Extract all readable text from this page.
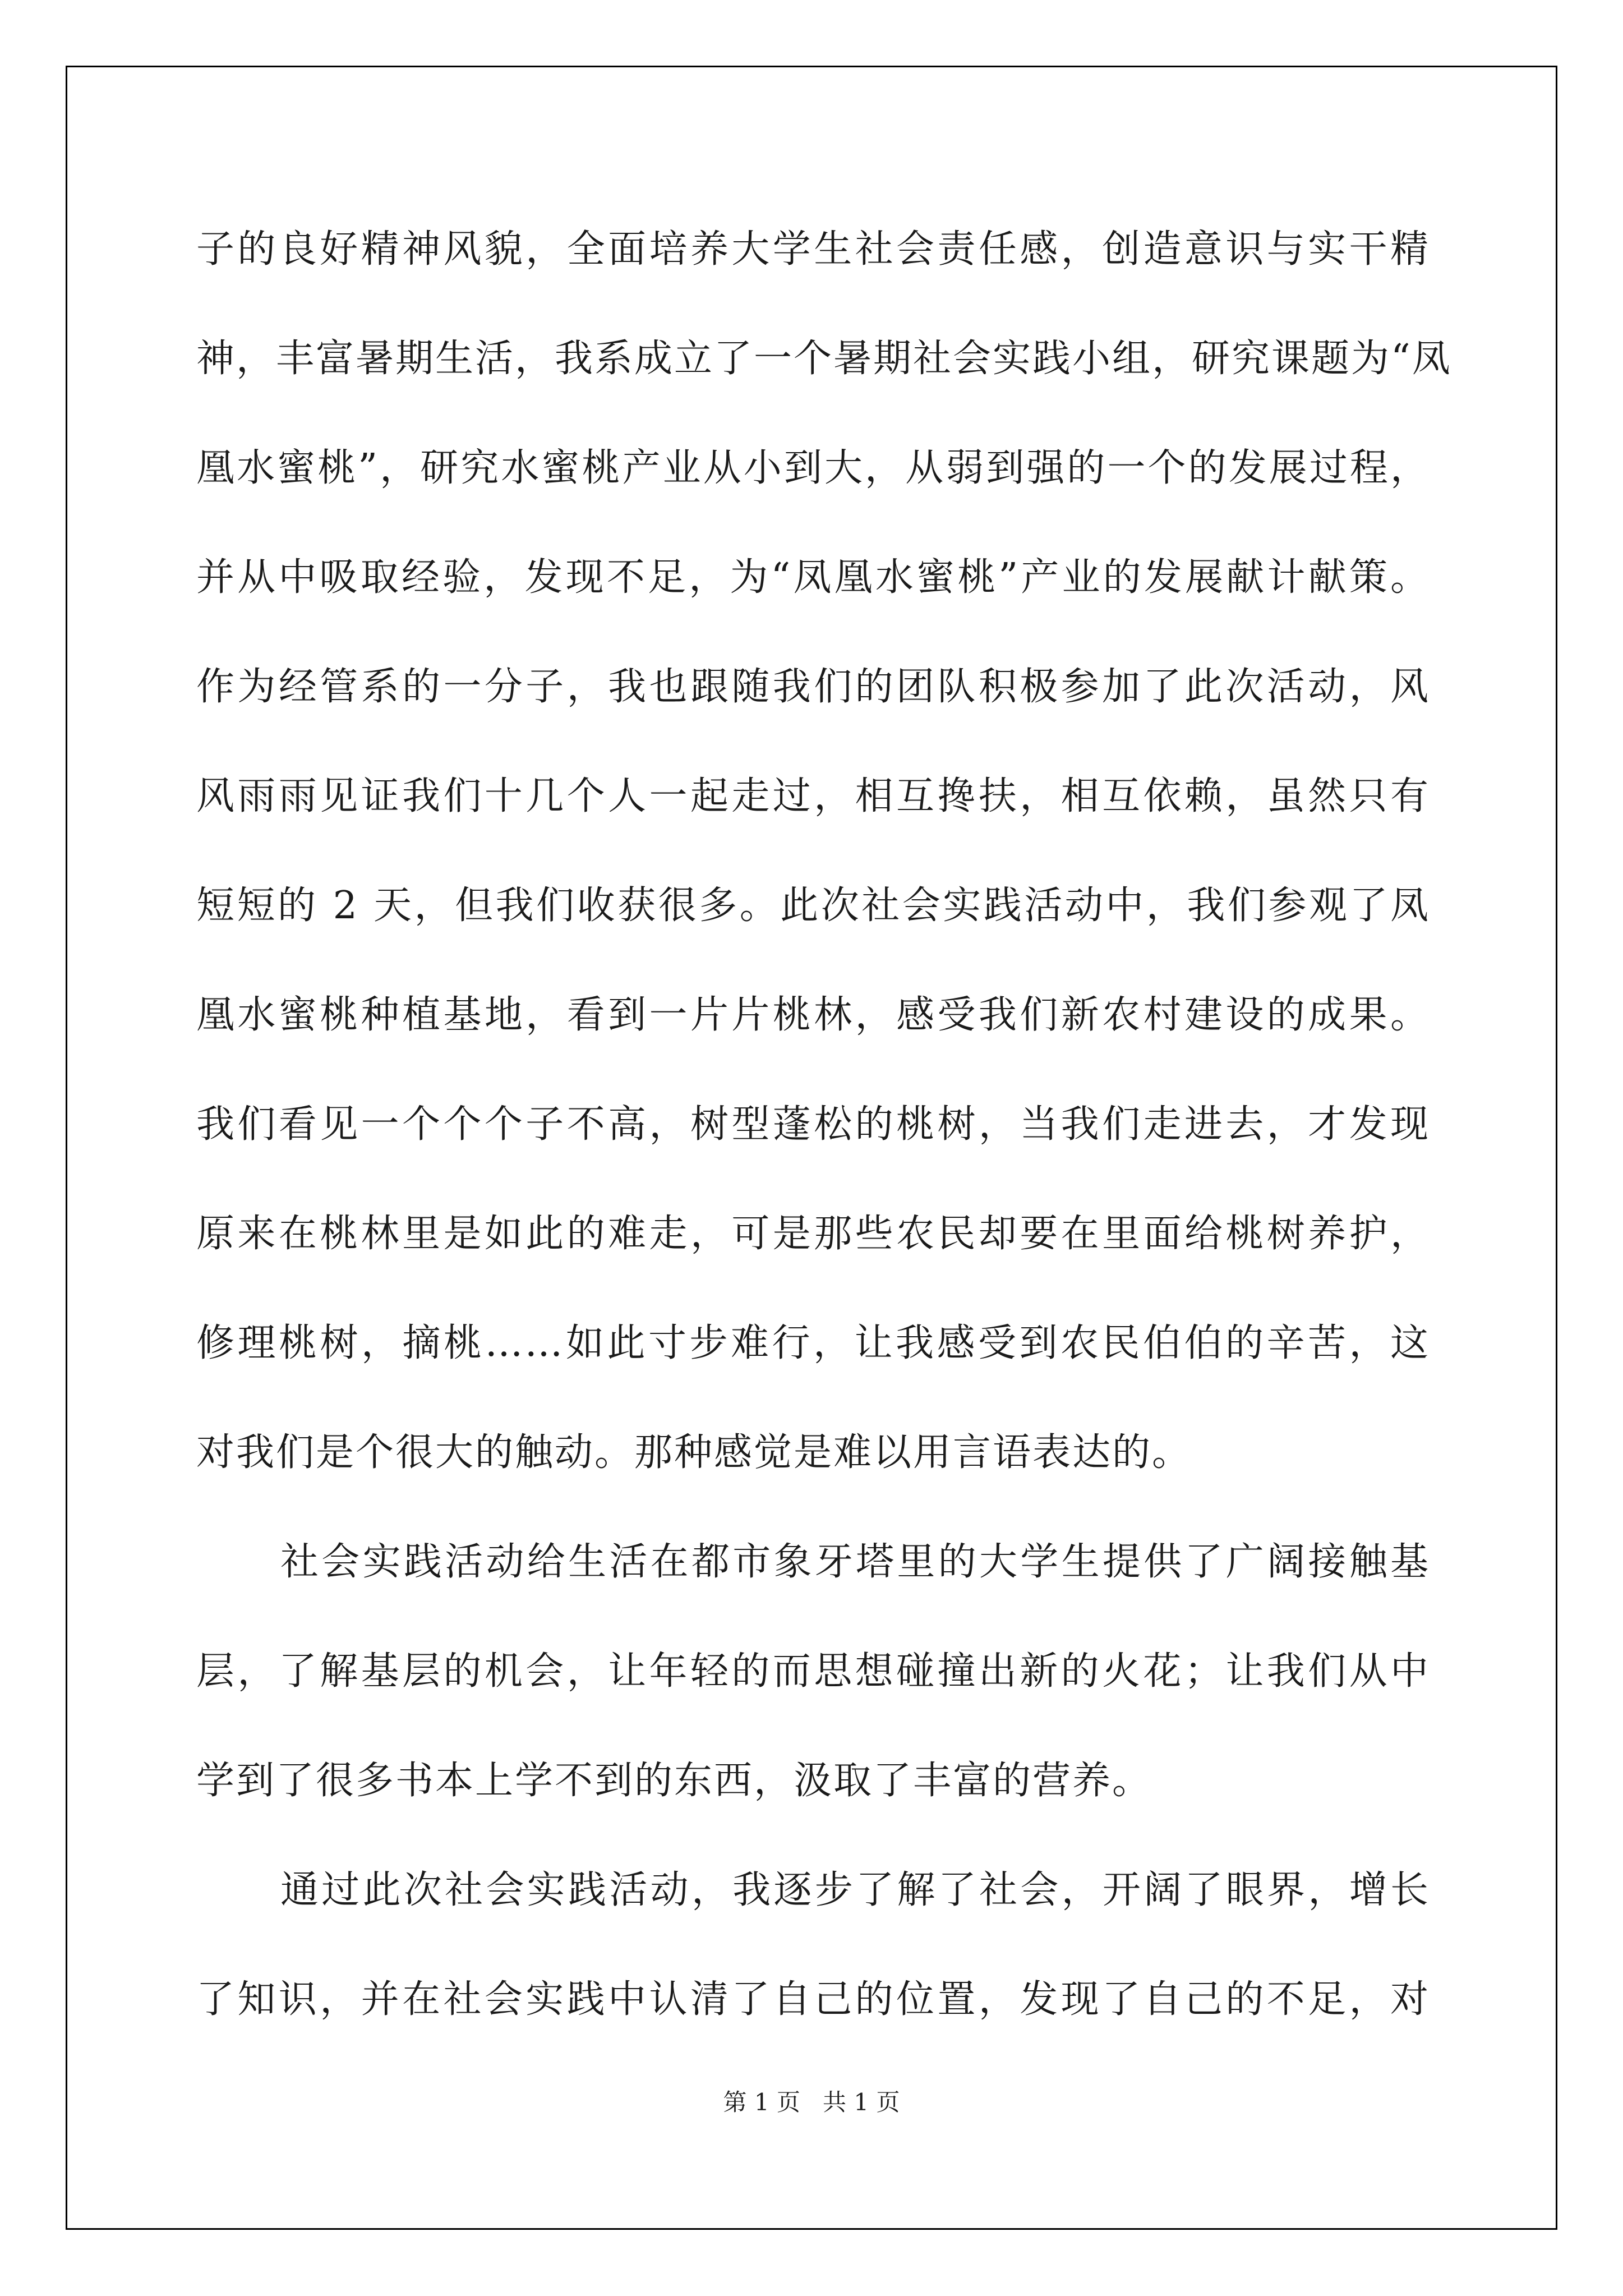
子的良好精神风貌，全面培养大学生社会责任感，创造意识与实干精
神，丰富暑期生活，我系成立了一个暑期社会实践小组，研究课题为“凤
凰水蜜桃”，研究水蜜桃产业从小到大，从弱到强的一个的发展过程，
并从中吸取经验，发现不足，为“凤凰水蜜桃”产业的发展献计献策。
作为经管系的一分子，我也跟随我们的团队积极参加了此次活动，风
风雨雨见证我们十几个人一起走过，相互搀扶，相互依赖，虽然只有
短短的 2 天，但我们收获很多。此次社会实践活动中，我们参观了凤
凰水蜜桃种植基地，看到一片片桃林，感受我们新农村建设的成果。
我们看见一个个个子不高，树型蓬松的桃树，当我们走进去，才发现
原来在桃林里是如此的难走，可是那些农民却要在里面给桃树养护，
修理桃树，摘桃……如此寸步难行，让我感受到农民伯伯的辛苦，这
对我们是个很大的触动。那种感觉是难以用言语表达的。
社会实践活动给生活在都市象牙塔里的大学生提供了广阔接触基
层，了解基层的机会，让年轻的而思想碰撞出新的火花；让我们从中
学到了很多书本上学不到的东西，汲取了丰富的营养。
通过此次社会实践活动，我逐步了解了社会，开阔了眼界，增长
了知识，并在社会实践中认清了自己的位置，发现了自己的不足，对
第 1 页   共 1 页
